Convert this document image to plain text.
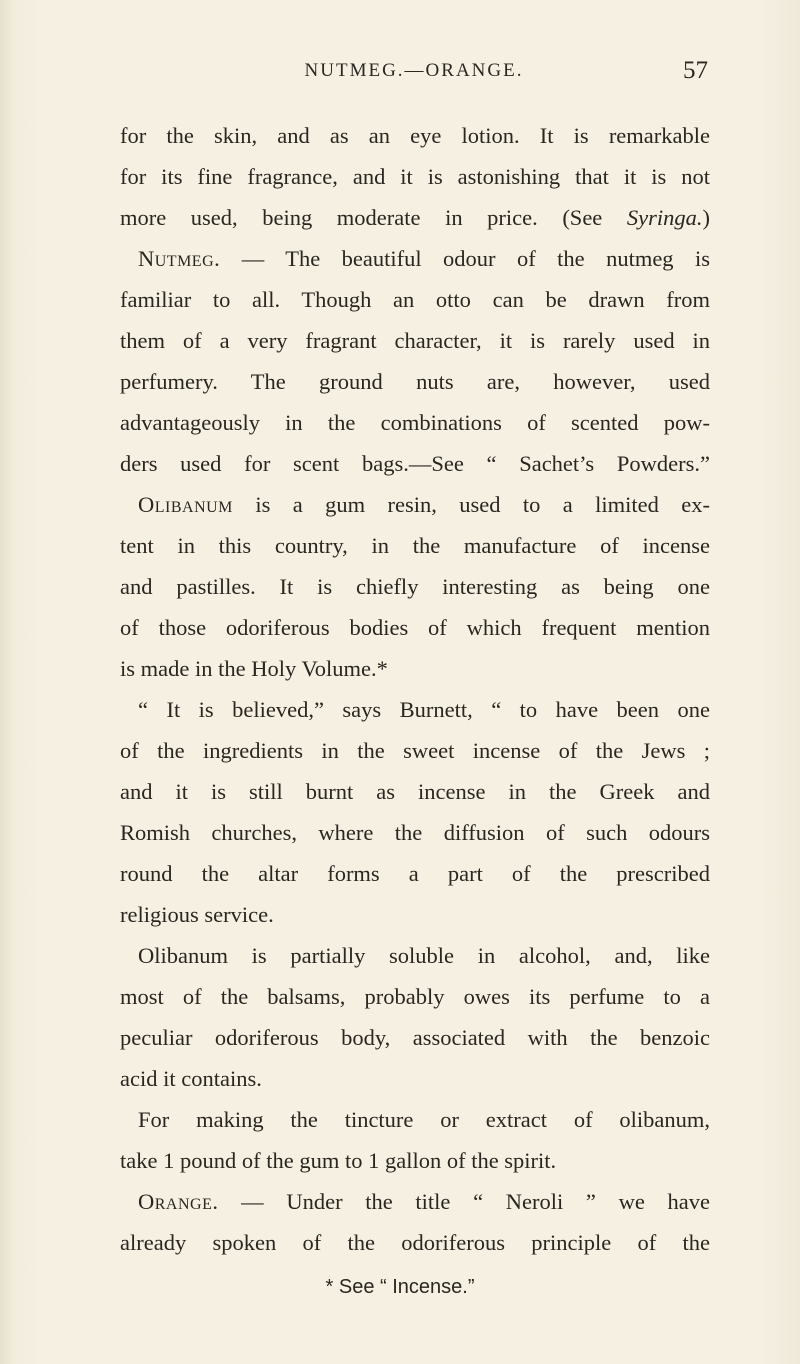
NUTMEG.—ORANGE.	57
for the skin, and as an eye lotion. It is remarkable
for its fine fragrance, and it is astonishing that it is not
more used, being moderate in price. (See Syringa.)
Nutmeg. — The beautiful odour of the nutmeg is
familiar to all. Though an otto can be drawn from
them of a very fragrant character, it is rarely used in
perfumery. The ground nuts are, however, used
advantageously in the combinations of scented pow-
ders used for scent bags.—See “ Sachet’s Powders.”
Olibanum is a gum resin, used to a limited ex-
tent in this country, in the manufacture of incense
and pastilles. It is chiefly interesting as being one
of those odoriferous bodies of which frequent mention
is made in the Holy Volume.*
“ It is believed,” says Burnett, “ to have been one
of the ingredients in the sweet incense of the Jews ;
and it is still burnt as incense in the Greek and
Romish churches, where the diffusion of such odours
round the altar forms a part of the prescribed
religious service.
Olibanum is partially soluble in alcohol, and, like
most of the balsams, probably owes its perfume to a
peculiar odoriferous body, associated with the benzoic
acid it contains.
For making the tincture or extract of olibanum,
take 1 pound of the gum to 1 gallon of the spirit.
Orange. — Under the title “ Neroli ” we have
already spoken of the odoriferous principle of the
* See “ Incense.”
